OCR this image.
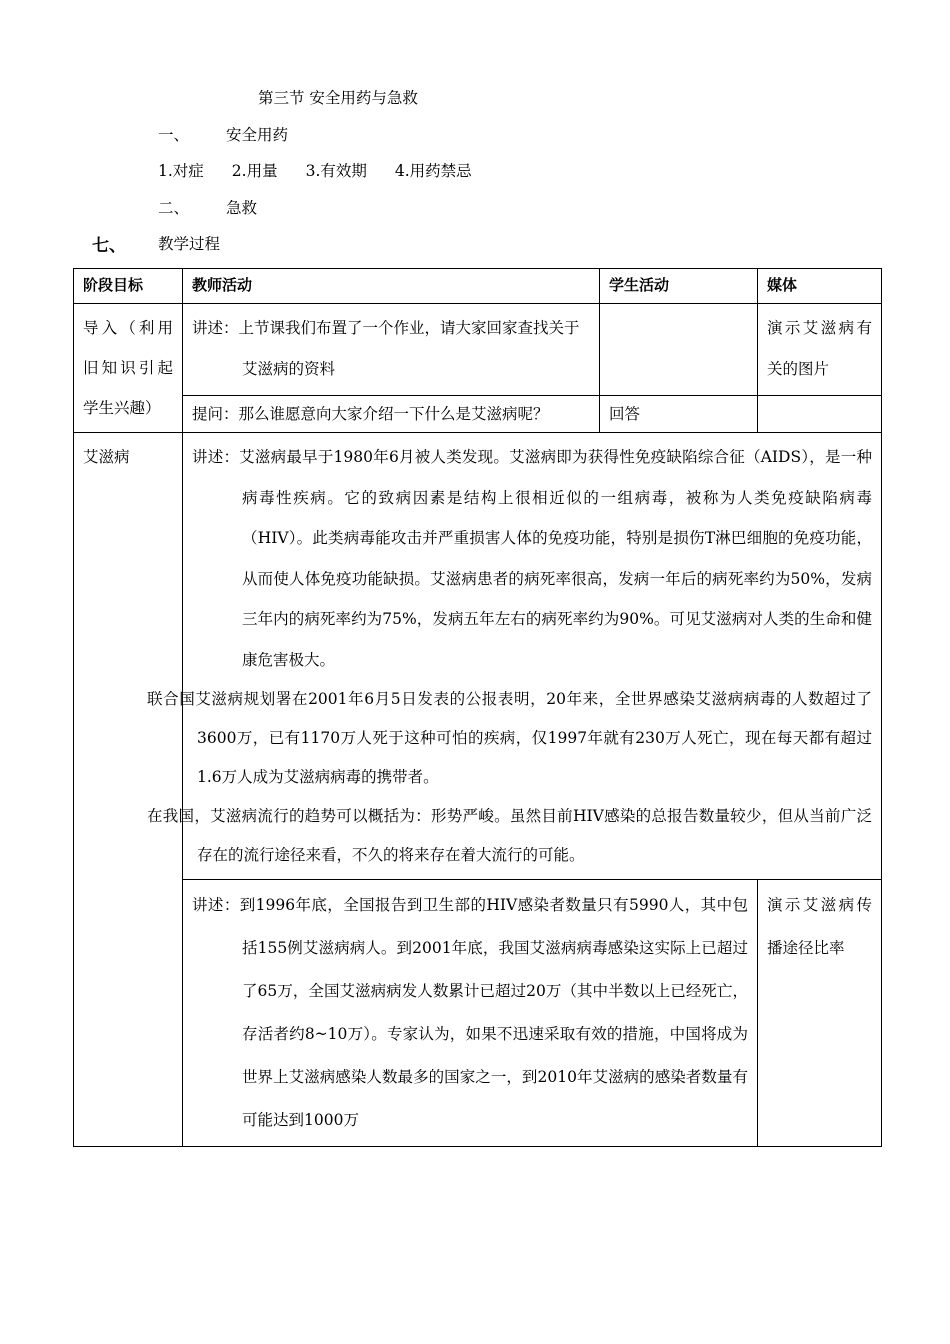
第三节 安全用药与急救
一、 安全用药
1.对症 2.用量 3.有效期 4.用药禁忌
二、 急救
七、 教学过程
阶段目标	教师活动	学生活动	媒体
导入（利用旧知识引起学生兴趣）	讲述：上节课我们布置了一个作业，请大家回家查找关于艾滋病的资料		演示艾滋病有关的图片
	提问：那么谁愿意向大家介绍一下什么是艾滋病呢？	回答	
艾滋病	讲述：艾滋病最早于1980年6月被人类发现。艾滋病即为获得性免疫缺陷综合征（AIDS），是一种病毒性疾病。它的致病因素是结构上很相近似的一组病毒，被称为人类免疫缺陷病毒（HIV）。此类病毒能攻击并严重损害人体的免疫功能，特别是损伤T淋巴细胞的免疫功能，从而使人体免疫功能缺损。艾滋病患者的病死率很高，发病一年后的病死率约为50%，发病三年内的病死率约为75%，发病五年左右的病死率约为90%。可见艾滋病对人类的生命和健康危害极大。
联合国艾滋病规划署在2001年6月5日发表的公报表明，20年来，全世界感染艾滋病病毒的人数超过了3600万，已有1170万人死于这种可怕的疾病，仅1997年就有230万人死亡，现在每天都有超过1.6万人成为艾滋病病毒的携带者。
在我国，艾滋病流行的趋势可以概括为：形势严峻。虽然目前HIV感染的总报告数量较少，但从当前广泛存在的流行途径来看，不久的将来存在着大流行的可能。		

	讲述：到1996年底，全国报告到卫生部的HIV感染者数量只有5990人，其中包括155例艾滋病病人。到2001年底，我国艾滋病病毒感染这实际上已超过了65万，全国艾滋病病发人数累计已超过20万（其中半数以上已经死亡，存活者约8~10万）。专家认为，如果不迅速采取有效的措施，中国将成为世界上艾滋病感染人数最多的国家之一，到2010年艾滋病的感染者数量有可能达到1000万		演示艾滋病传播途径比率
